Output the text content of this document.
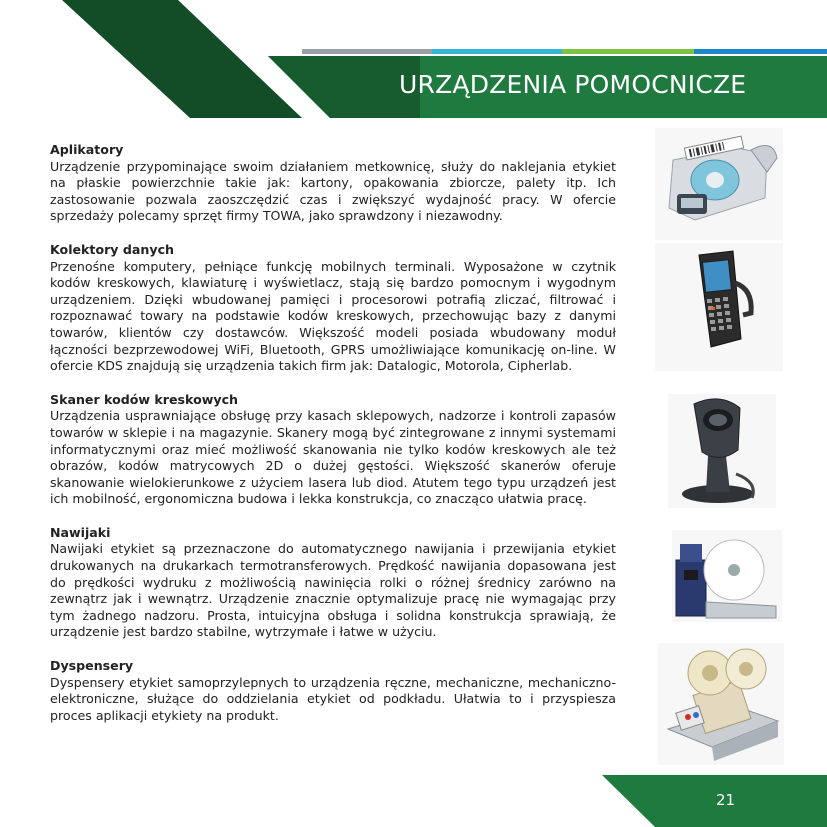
URZĄDZENIA POMOCNICZE
Aplikatory

Urządzenie przypominające swoim działaniem metkownicę, służy do naklejania etykiet na płaskie powierzchnie takie jak: kartony, opakowania zbiorcze, palety itp. Ich zastosowanie pozwala zaoszczędzić czas i zwiększyć wydajność pracy. W ofercie sprzedaży polecamy sprzęt firmy TOWA, jako sprawdzony i niezawodny.

Kolektory danych

Przenośne komputery, pełniące funkcję mobilnych terminali. Wyposażone w czytnik kodów kreskowych, klawiaturę i wyświetlacz, stają się bardzo pomocnym i wygodnym urządzeniem. Dzięki wbudowanej pamięci i procesorowi potrafią zliczać, filtrować i rozpoznawać towary na podstawie kodów kreskowych, przechowując bazy z danymi towarów, klientów czy dostawców. Większość modeli posiada wbudowany moduł łączności bezprzewodowej WiFi, Bluetooth, GPRS umożliwiające komunikację on-line. W ofercie KDS znajdują się urządzenia takich firm jak: Datalogic, Motorola, Cipherlab.

Skaner kodów kreskowych

Urządzenia usprawniające obsługę przy kasach sklepowych, nadzorze i kontroli zapasów towarów w sklepie i na magazynie. Skanery mogą być zintegrowane z innymi systemami informatycznymi oraz mieć możliwość skanowania nie tylko kodów kreskowych ale też obrazów, kodów matrycowych 2D o dużej gęstości. Większość skanerów oferuje skanowanie wielokierunkowe z użyciem lasera lub diod. Atutem tego typu urządzeń jest ich mobilność, ergonomiczna budowa i lekka konstrukcja, co znacząco ułatwia pracę.

Nawijaki

Nawijaki etykiet są przeznaczone do automatycznego nawijania i przewijania etykiet drukowanych na drukarkach termotransferowych. Prędkość nawijania dopasowana jest do prędkości wydruku z możliwością nawinięcia rolki o różnej średnicy zarówno na zewnątrz jak i wewnątrz. Urządzenie znacznie optymalizuje pracę nie wymagając przy tym żadnego nadzoru. Prosta, intuicyjna obsługa i solidna konstrukcja sprawiają, że urządzenie jest bardzo stabilne, wytrzymałe i łatwe w użyciu.

Dyspensery

Dyspensery etykiet samoprzylepnych to urządzenia ręczne, mechaniczne, mechaniczno-elektroniczne, służące do oddzielania etykiet od podkładu. Ułatwia to i przyspiesza proces aplikacji etykiety na produkt.

21
